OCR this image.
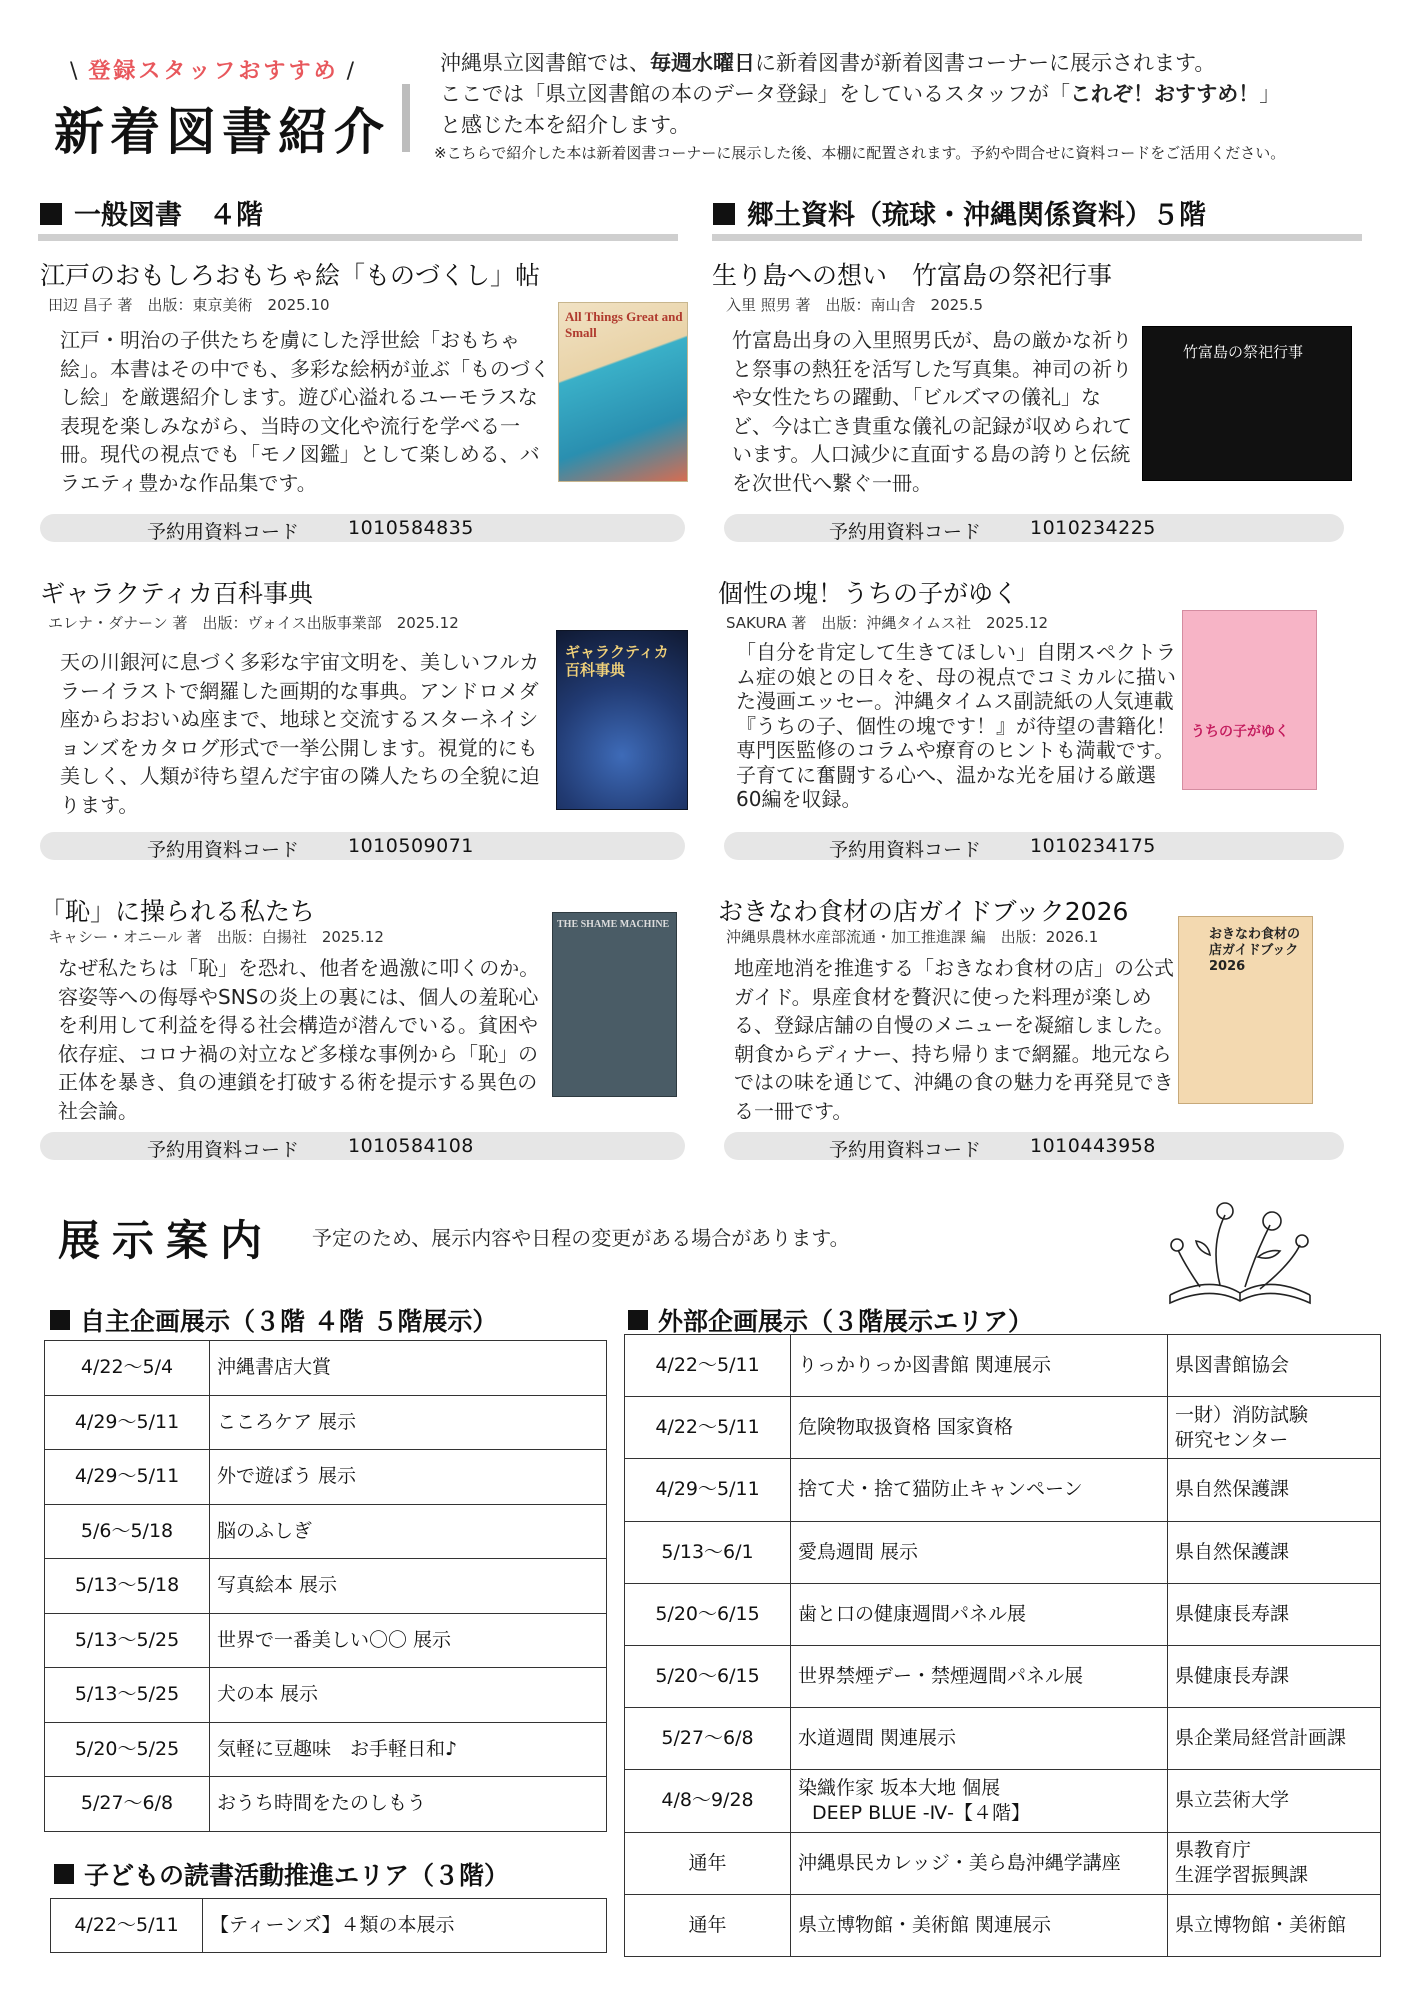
\ 登録スタッフおすすめ /
新着図書紹介
沖縄県立図書館では、毎週水曜日に新着図書が新着図書コーナーに展示されます。
ここでは「県立図書館の本のデータ登録」をしているスタッフが「これぞ！おすすめ！」
と感じた本を紹介します。
※こちらで紹介した本は新着図書コーナーに展示した後、本棚に配置されます。予約や問合せに資料コードをご活用ください。
一般図書　４階	郷土資料（琉球・沖縄関係資料）５階
江戸のおもしろおもちゃ絵「ものづくし」帖
田辺 昌子 著　出版：東京美術　2025.10
江戸・明治の子供たちを虜にした浮世絵「おもちゃ絵」。本書はその中でも、多彩な絵柄が並ぶ「ものづくし絵」を厳選紹介します。遊び心溢れるユーモラスな表現を楽しみながら、当時の文化や流行を学べる一冊。現代の視点でも「モノ図鑑」として楽しめる、バラエティ豊かな作品集です。
All Things Great and Small
予約用資料コード	1010584835
ギャラクティカ百科事典
エレナ・ダナーン 著　出版：ヴォイス出版事業部　2025.12
天の川銀河に息づく多彩な宇宙文明を、美しいフルカラーイラストで網羅した画期的な事典。アンドロメダ座からおおいぬ座まで、地球と交流するスターネイションズをカタログ形式で一挙公開します。視覚的にも美しく、人類が待ち望んだ宇宙の隣人たちの全貌に迫ります。
ギャラクティカ百科事典
予約用資料コード	1010509071
「恥」に操られる私たち
キャシー・オニール 著　出版：白揚社　2025.12
なぜ私たちは「恥」を恐れ、他者を過激に叩くのか。容姿等への侮辱やSNSの炎上の裏には、個人の羞恥心を利用して利益を得る社会構造が潜んでいる。貧困や依存症、コロナ禍の対立など多様な事例から「恥」の正体を暴き、負の連鎖を打破する術を提示する異色の社会論。
THE SHAME MACHINE
予約用資料コード	1010584108
生り島への想い　竹富島の祭祀行事
入里 照男 著　出版：南山舎　2025.5
竹富島出身の入里照男氏が、島の厳かな祈りと祭事の熱狂を活写した写真集。神司の祈りや女性たちの躍動、「ビルズマの儀礼」など、今は亡き貴重な儀礼の記録が収められています。人口減少に直面する島の誇りと伝統を次世代へ繋ぐ一冊。
竹富島の祭祀行事
予約用資料コード	1010234225
個性の塊！うちの子がゆく
SAKURA 著　出版：沖縄タイムス社　2025.12
「自分を肯定して生きてほしい」自閉スペクトラム症の娘との日々を、母の視点でコミカルに描いた漫画エッセー。沖縄タイムス副読紙の人気連載『うちの子、個性の塊です！』が待望の書籍化！専門医監修のコラムや療育のヒントも満載です。子育てに奮闘する心へ、温かな光を届ける厳選60編を収録。
うちの子がゆく
予約用資料コード	1010234175
おきなわ食材の店ガイドブック2026
沖縄県農林水産部流通・加工推進課 編　出版：2026.1
地産地消を推進する「おきなわ食材の店」の公式ガイド。県産食材を贅沢に使った料理が楽しめる、登録店舗の自慢のメニューを凝縮しました。朝食からディナー、持ち帰りまで網羅。地元ならではの味を通じて、沖縄の食の魅力を再発見できる一冊です。
おきなわ食材の店ガイドブック2026
予約用資料コード	1010443958
展示案内 予定のため、展示内容や日程の変更がある場合があります。
自主企画展示（３階 ４階 ５階展示）
4/22～5/4	沖縄書店大賞
4/29～5/11	こころケア 展示
4/29～5/11	外で遊ぼう 展示
5/6～5/18	脳のふしぎ
5/13～5/18	写真絵本 展示
5/13～5/25	世界で一番美しい〇〇 展示
5/13～5/25	犬の本 展示
5/20～5/25	気軽に豆趣味　お手軽日和♪
5/27～6/8	おうち時間をたのしもう
子どもの読書活動推進エリア（３階）
4/22～5/11	【ティーンズ】４類の本展示
外部企画展示（３階展示エリア）
4/22～5/11	りっかりっか図書館 関連展示	県図書館協会

4/22～5/11	危険物取扱資格 国家資格	一財）消防試験
研究センター

4/29～5/11	捨て犬・捨て猫防止キャンペーン	県自然保護課

5/13～6/1	愛鳥週間 展示	県自然保護課

5/20～6/15	歯と口の健康週間パネル展	県健康長寿課

5/20～6/15	世界禁煙デー・禁煙週間パネル展	県健康長寿課

5/27～6/8	水道週間 関連展示	県企業局経営計画課

4/8～9/28	染織作家 坂本大地 個展
DEEP BLUE -Ⅳ-【４階】	県立芸術大学

通年	沖縄県民カレッジ・美ら島沖縄学講座	県教育庁
生涯学習振興課

通年	県立博物館・美術館 関連展示	県立博物館・美術館
